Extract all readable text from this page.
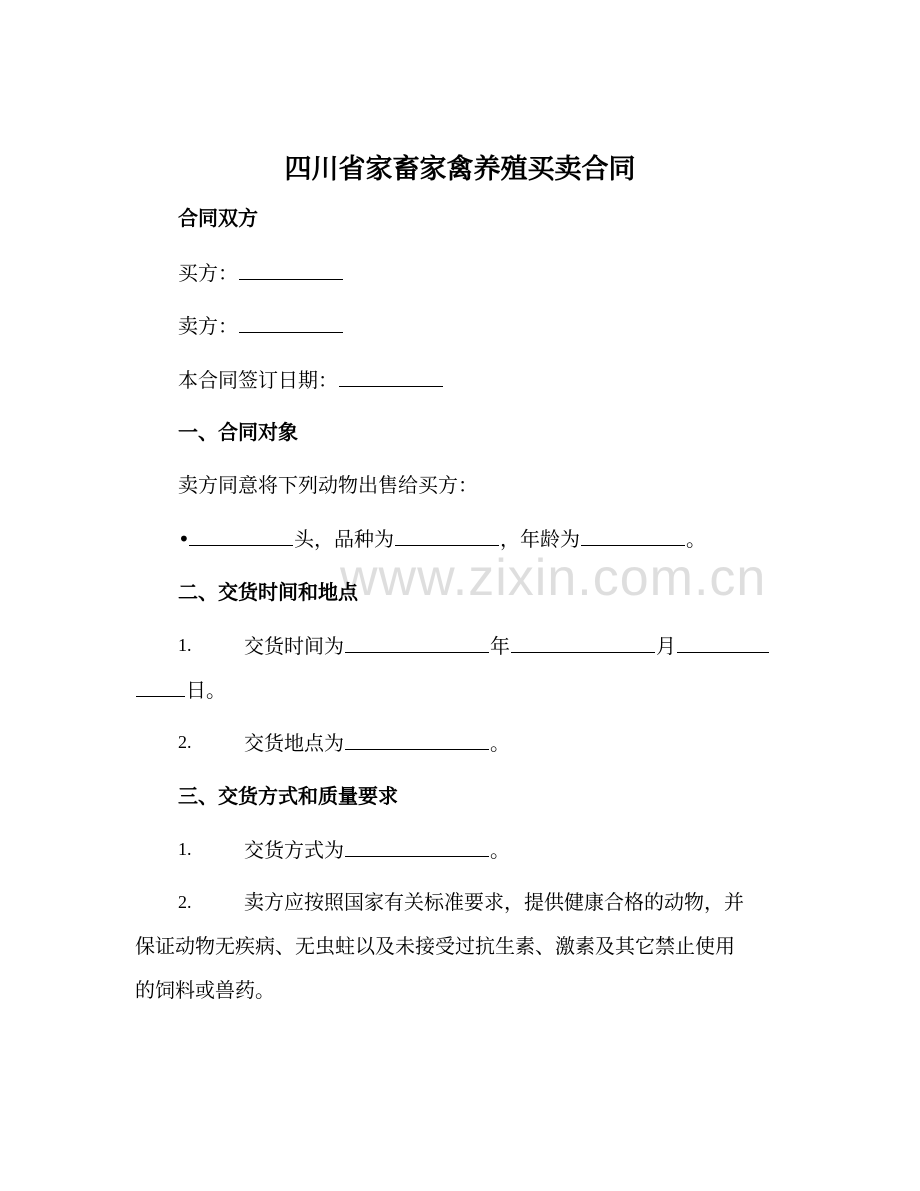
www.zixin.com.cn
四川省家畜家禽养殖买卖合同
合同双方
买方：
卖方：
本合同签订日期：
一、合同对象
卖方同意将下列动物出售给买方：
•	头，品种为	，年龄为	。
二、交货时间和地点
1.	交货时间为	年	月
日。
2.	交货地点为	。
三、交货方式和质量要求
1.	交货方式为	。
2.	卖方应按照国家有关标准要求，提供健康合格的动物，并
保证动物无疾病、无虫蛀以及未接受过抗生素、激素及其它禁止使用
的饲料或兽药。
